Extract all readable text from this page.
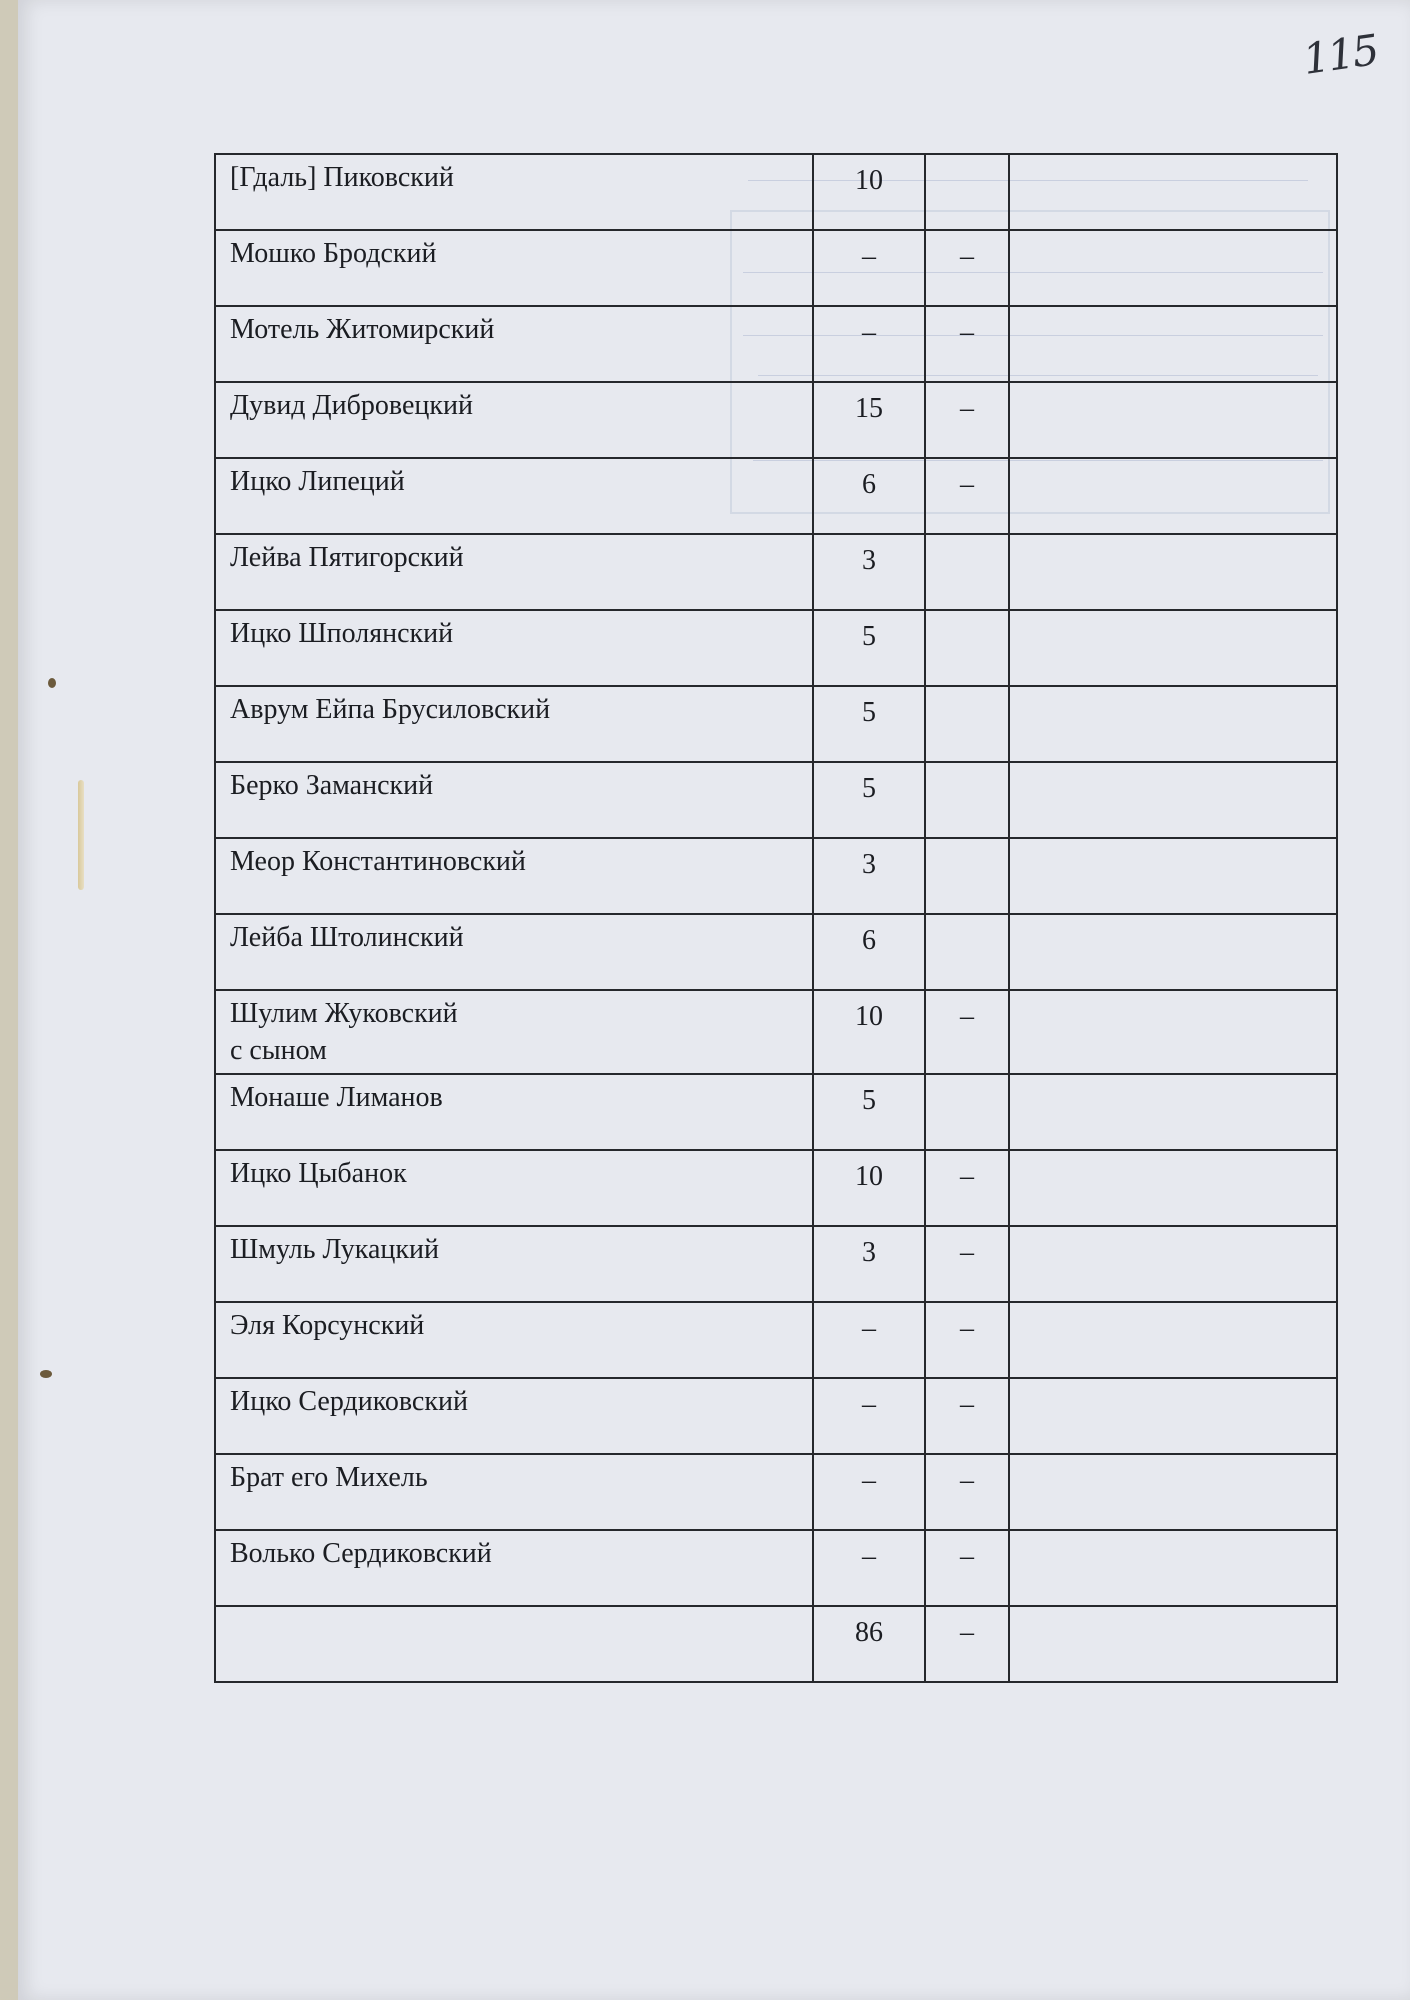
115
[Гдаль] Пиковский	10		
Мошко Бродский	–	–	
Мотель Житомирский	–	–	
Дувид Дибровецкий	15	–	
Ицко Липеций	6	–	
Лейва Пятигорский	3		
Ицко Шполянский	5		
Аврум Ейпа Брусиловский	5		
Берко Заманский	5		
Меор Константиновский	3		
Лейба Штолинский	6		
Шулим Жуковский
с сыном	10	–	
Монаше Лиманов	5		
Ицко Цыбанок	10	–	
Шмуль Лукацкий	3	–	
Эля Корсунский	–	–	
Ицко Сердиковский	–	–	
Брат его Михель	–	–	
Волько Сердиковский	–	–	
	86	–	
